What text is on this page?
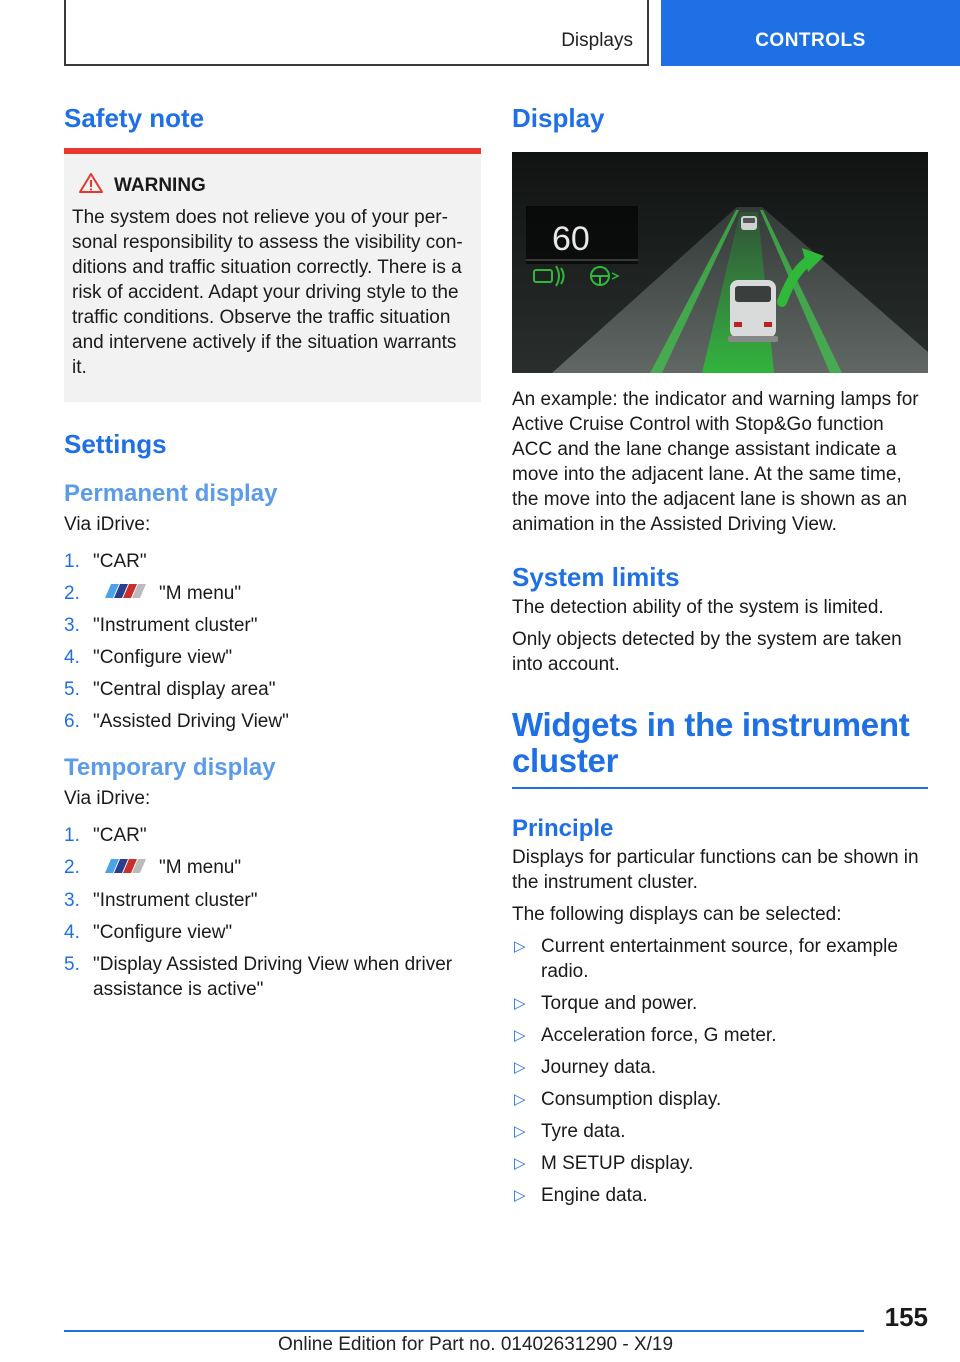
Displays	CONTROLS
Safety note
WARNING

The system does not relieve you of your per-sonal responsibility to assess the visibility con-ditions and traffic situation correctly. There is a risk of accident. Adapt your driving style to the traffic conditions. Observe the traffic situation and intervene actively if the situation warrants it.

Settings
Permanent display

Via iDrive:

1. "CAR"
2.	"M menu"
3. "Instrument cluster"
4. "Configure view"
5. "Central display area"
6. "Assisted Driving View"
Temporary display

Via iDrive:

1. "CAR"
2.	"M menu"
3. "Instrument cluster"
4. "Configure view"
5. "Display Assisted Driving View when driver assistance is active"
Display
60

An example: the indicator and warning lamps for Active Cruise Control with Stop&Go function ACC and the lane change assistant indicate a move into the adjacent lane. At the same time, the move into the adjacent lane is shown as an animation in the Assisted Driving View.

System limits

The detection ability of the system is limited.

Only objects detected by the system are taken into account.

Widgets in the instrument
cluster
Principle

Displays for particular functions can be shown in the instrument cluster.

The following displays can be selected:

▷ Current entertainment source, for example radio.
▷ Torque and power.
▷ Acceleration force, G meter.
▷ Journey data.
▷ Consumption display.
▷ Tyre data.
▷ M SETUP display.
▷ Engine data.
155
Online Edition for Part no. 01402631290 - X/19
